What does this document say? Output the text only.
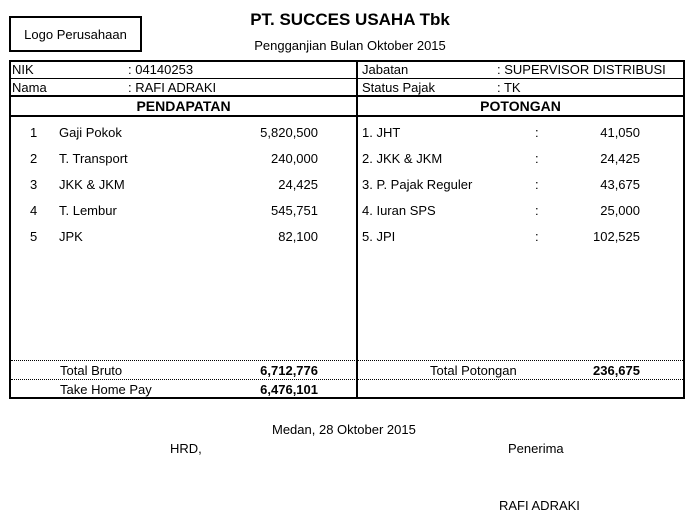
Logo Perusahaan
PT. SUCCES USAHA Tbk
Pengganjian Bulan Oktober 2015
NIK	: 04140253
Nama	: RAFI ADRAKI
Jabatan	: SUPERVISOR DISTRIBUSI
Status Pajak	: TK
PENDAPATAN	POTONGAN
1 Gaji Pokok	5,820,500
2 T. Transport	240,000
3 JKK & JKM	24,425
4 T. Lembur	545,751
5 JPK	82,100
1. JHT	:	41,050
2. JKK & JKM	:	24,425
3. P. Pajak Reguler	:	43,675
4. Iuran SPS	:	25,000
5. JPI	:	102,525
Total Bruto	6,712,776	Total Potongan	236,675
Take Home Pay	6,476,101
Medan, 28 Oktober 2015
HRD,	Penerima
RAFI ADRAKI
